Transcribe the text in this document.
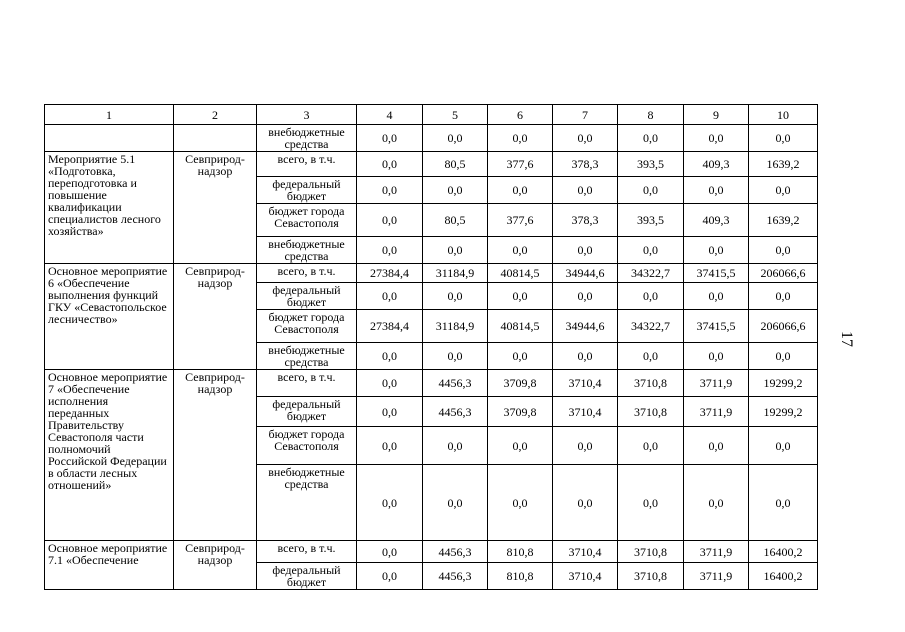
1	2	3	4	5	6	7	8	9	10
		внебюджетные средства	0,0	0,0	0,0	0,0	0,0	0,0	0,0
Мероприятие 5.1 «Подготовка, переподготовка и повышение квалификации специалистов лесного хозяйства»	Севприрод-надзор	всего, в т.ч.	0,0	80,5	377,6	378,3	393,5	409,3	1639,2
		федеральный бюджет	0,0	0,0	0,0	0,0	0,0	0,0	0,0
		бюджет города Севастополя	0,0	80,5	377,6	378,3	393,5	409,3	1639,2
		внебюджетные средства	0,0	0,0	0,0	0,0	0,0	0,0	0,0
Основное мероприятие 6 «Обеспечение выполнения функций ГКУ «Севастопольское лесничество»	Севприрод-надзор	всего, в т.ч.	27384,4	31184,9	40814,5	34944,6	34322,7	37415,5	206066,6
		федеральный бюджет	0,0	0,0	0,0	0,0	0,0	0,0	0,0
		бюджет города Севастополя	27384,4	31184,9	40814,5	34944,6	34322,7	37415,5	206066,6
		внебюджетные средства	0,0	0,0	0,0	0,0	0,0	0,0	0,0
Основное мероприятие 7 «Обеспечение исполнения переданных Правительству Севастополя части полномочий Российской Федерации в области лесных отношений»	Севприрод-надзор	всего, в т.ч.	0,0	4456,3	3709,8	3710,4	3710,8	3711,9	19299,2
		федеральный бюджет	0,0	4456,3	3709,8	3710,4	3710,8	3711,9	19299,2
		бюджет города Севастополя	0,0	0,0	0,0	0,0	0,0	0,0	0,0
		внебюджетные средства	0,0	0,0	0,0	0,0	0,0	0,0	0,0
Основное мероприятие 7.1 «Обеспечение	Севприрод-надзор	всего, в т.ч.	0,0	4456,3	810,8	3710,4	3710,8	3711,9	16400,2
		федеральный бюджет	0,0	4456,3	810,8	3710,4	3710,8	3711,9	16400,2
17
